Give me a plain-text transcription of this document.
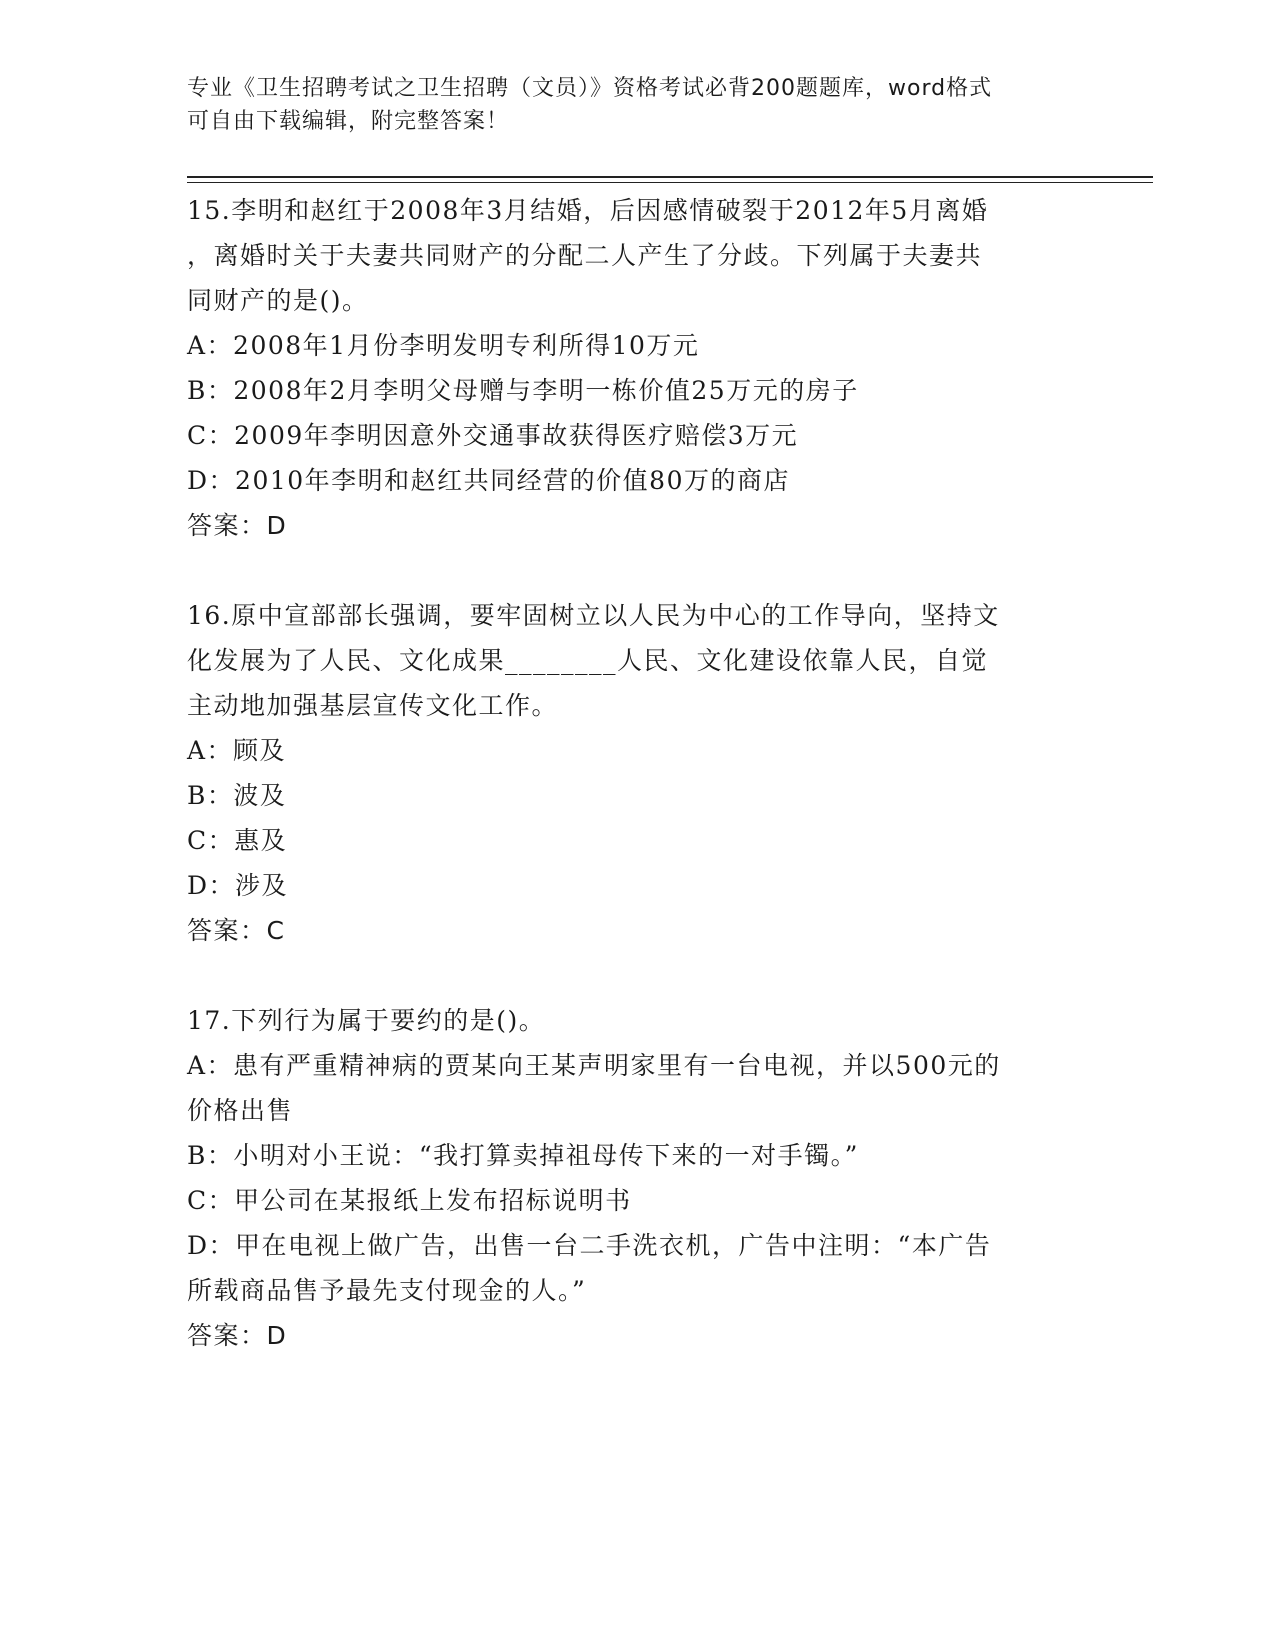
专业《卫生招聘考试之卫生招聘（文员）》资格考试必背200题题库，word格式
可自由下载编辑，附完整答案！

15.李明和赵红于2008年3月结婚，后因感情破裂于2012年5月离婚

，离婚时关于夫妻共同财产的分配二人产生了分歧。下列属于夫妻共

同财产的是()。

A：2008年1月份李明发明专利所得10万元

B：2008年2月李明父母赠与李明一栋价值25万元的房子

C：2009年李明因意外交通事故获得医疗赔偿3万元

D：2010年李明和赵红共同经营的价值80万的商店

答案：D

16.原中宣部部长强调，要牢固树立以人民为中心的工作导向，坚持文

化发展为了人民、文化成果________人民、文化建设依靠人民，自觉

主动地加强基层宣传文化工作。

A：顾及

B：波及

C：惠及

D：涉及

答案：C

17.下列行为属于要约的是()。

A：患有严重精神病的贾某向王某声明家里有一台电视，并以500元的

价格出售

B：小明对小王说：“我打算卖掉祖母传下来的一对手镯。”

C：甲公司在某报纸上发布招标说明书

D：甲在电视上做广告，出售一台二手洗衣机，广告中注明：“本广告

所载商品售予最先支付现金的人。”

答案：D
